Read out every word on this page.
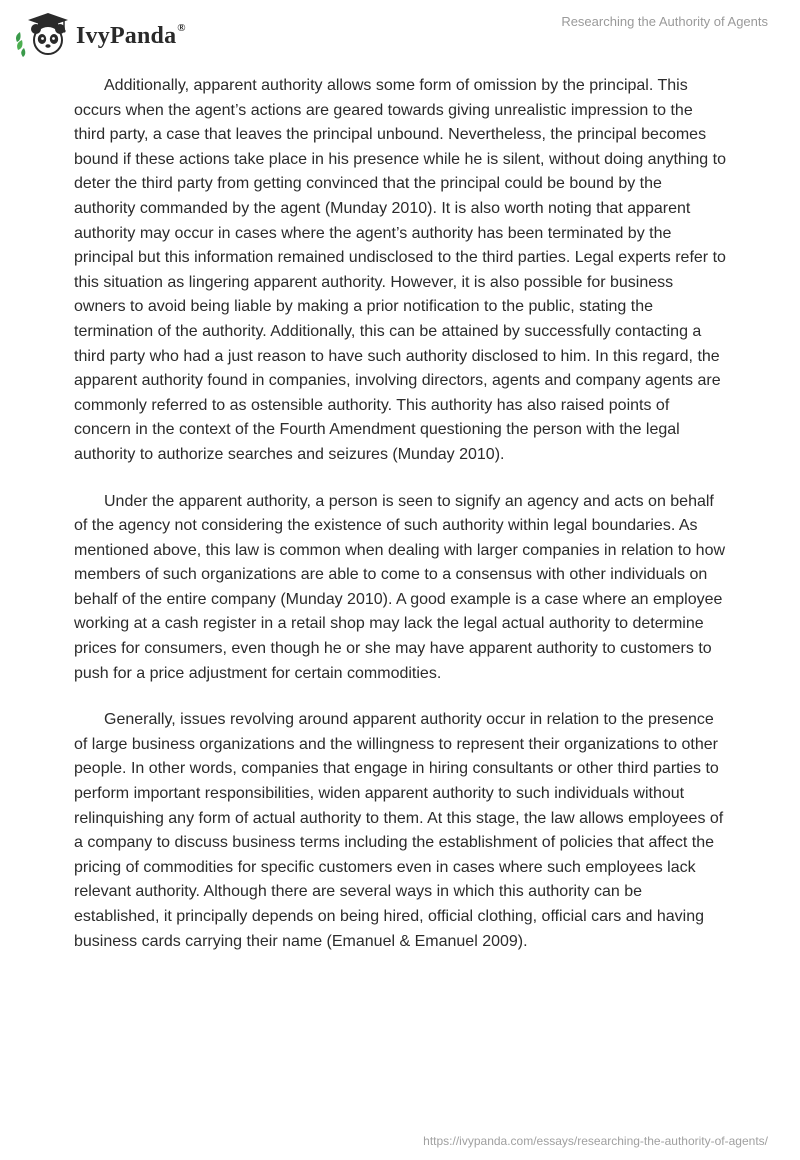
IvyPanda®	Researching the Authority of Agents

Additionally, apparent authority allows some form of omission by the principal. This occurs when the agent’s actions are geared towards giving unrealistic impression to the third party, a case that leaves the principal unbound. Nevertheless, the principal becomes bound if these actions take place in his presence while he is silent, without doing anything to deter the third party from getting convinced that the principal could be bound by the authority commanded by the agent (Munday 2010). It is also worth noting that apparent authority may occur in cases where the agent’s authority has been terminated by the principal but this information remained undisclosed to the third parties. Legal experts refer to this situation as lingering apparent authority. However, it is also possible for business owners to avoid being liable by making a prior notification to the public, stating the termination of the authority. Additionally, this can be attained by successfully contacting a third party who had a just reason to have such authority disclosed to him. In this regard, the apparent authority found in companies, involving directors, agents and company agents are commonly referred to as ostensible authority. This authority has also raised points of concern in the context of the Fourth Amendment questioning the person with the legal authority to authorize searches and seizures (Munday 2010).

Under the apparent authority, a person is seen to signify an agency and acts on behalf of the agency not considering the existence of such authority within legal boundaries. As mentioned above, this law is common when dealing with larger companies in relation to how members of such organizations are able to come to a consensus with other individuals on behalf of the entire company (Munday 2010). A good example is a case where an employee working at a cash register in a retail shop may lack the legal actual authority to determine prices for consumers, even though he or she may have apparent authority to customers to push for a price adjustment for certain commodities.

Generally, issues revolving around apparent authority occur in relation to the presence of large business organizations and the willingness to represent their organizations to other people. In other words, companies that engage in hiring consultants or other third parties to perform important responsibilities, widen apparent authority to such individuals without relinquishing any form of actual authority to them. At this stage, the law allows employees of a company to discuss business terms including the establishment of policies that affect the pricing of commodities for specific customers even in cases where such employees lack relevant authority. Although there are several ways in which this authority can be established, it principally depends on being hired, official clothing, official cars and having business cards carrying their name (Emanuel & Emanuel 2009).

https://ivypanda.com/essays/researching-the-authority-of-agents/
